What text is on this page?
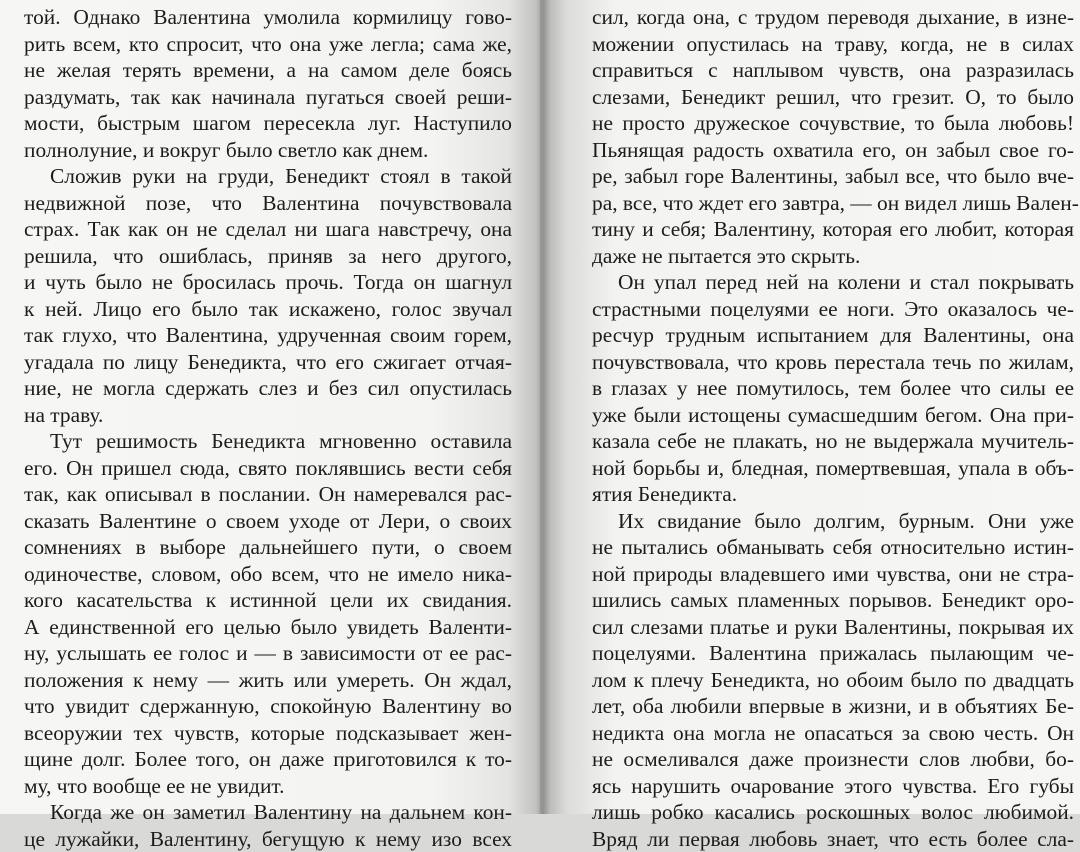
той. Однако Валентина умолила кормилицу гово-
рить всем, кто спросит, что она уже легла; сама же,
не желая терять времени, а на самом деле боясь
раздумать, так как начинала пугаться своей реши-
мости, быстрым шагом пересекла луг. Наступило
полнолуние, и вокруг было светло как днем.
Сложив руки на груди, Бенедикт стоял в такой
недвижной позе, что Валентина почувствовала
страх. Так как он не сделал ни шага навстречу, она
решила, что ошиблась, приняв за него другого,
и чуть было не бросилась прочь. Тогда он шагнул
к ней. Лицо его было так искажено, голос звучал
так глухо, что Валентина, удрученная своим горем,
угадала по лицу Бенедикта, что его сжигает отчая-
ние, не могла сдержать слез и без сил опустилась
на траву.
Тут решимость Бенедикта мгновенно оставила
его. Он пришел сюда, свято поклявшись вести себя
так, как описывал в послании. Он намеревался рас-
сказать Валентине о своем уходе от Лери, о своих
сомнениях в выборе дальнейшего пути, о своем
одиночестве, словом, обо всем, что не имело ника-
кого касательства к истинной цели их свидания.
А единственной его целью было увидеть Валенти-
ну, услышать ее голос и — в зависимости от ее рас-
положения к нему — жить или умереть. Он ждал,
что увидит сдержанную, спокойную Валентину во
всеоружии тех чувств, которые подсказывает жен-
щине долг. Более того, он даже приготовился к то-
му, что вообще ее не увидит.
Когда же он заметил Валентину на дальнем кон-
це лужайки, Валентину, бегущую к нему изо всех
сил, когда она, с трудом переводя дыхание, в изне-
можении опустилась на траву, когда, не в силах
справиться с наплывом чувств, она разразилась
слезами, Бенедикт решил, что грезит. О, то было
не просто дружеское сочувствие, то была любовь!
Пьянящая радость охватила его, он забыл свое го-
ре, забыл горе Валентины, забыл все, что было вче-
ра, все, что ждет его завтра, — он видел лишь Вален-
тину и себя; Валентину, которая его любит, которая
даже не пытается это скрыть.
Он упал перед ней на колени и стал покрывать
страстными поцелуями ее ноги. Это оказалось че-
ресчур трудным испытанием для Валентины, она
почувствовала, что кровь перестала течь по жилам,
в глазах у нее помутилось, тем более что силы ее
уже были истощены сумасшедшим бегом. Она при-
казала себе не плакать, но не выдержала мучитель-
ной борьбы и, бледная, помертвевшая, упала в объ-
ятия Бенедикта.
Их свидание было долгим, бурным. Они уже
не пытались обманывать себя относительно истин-
ной природы владевшего ими чувства, они не стра-
шились самых пламенных порывов. Бенедикт оро-
сил слезами платье и руки Валентины, покрывая их
поцелуями. Валентина прижалась пылающим че-
лом к плечу Бенедикта, но обоим было по двадцать
лет, оба любили впервые в жизни, и в объятиях Бе-
недикта она могла не опасаться за свою честь. Он
не осмеливался даже произнести слов любви, бо-
ясь нарушить очарование этого чувства. Его губы
лишь робко касались роскошных волос любимой.
Вряд ли первая любовь знает, что есть более сла-
